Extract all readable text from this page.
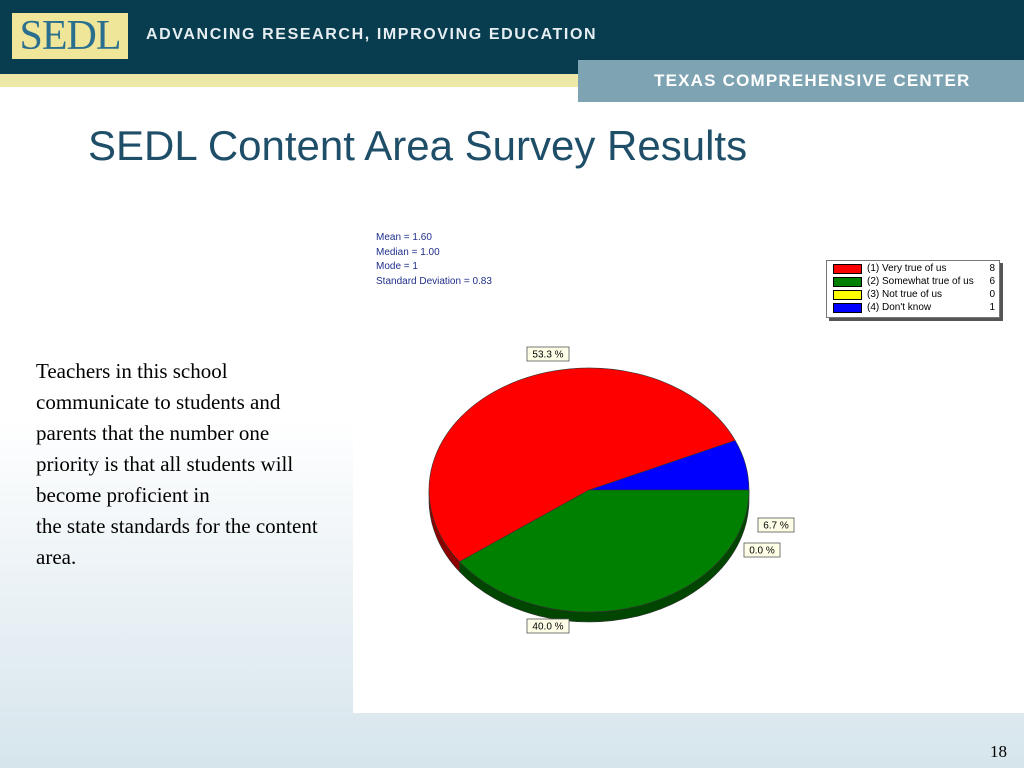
SEDL	ADVANCING RESEARCH, IMPROVING EDUCATION
TEXAS COMPREHENSIVE CENTER
SEDL Content Area Survey Results
Teachers in this school
communicate to students and
parents that the number one
priority is that all students will
become proficient in
the state standards for the content
area.
Mean = 1.60
Median = 1.00
Mode = 1
Standard Deviation = 0.83
(1) Very true of us	8
(2) Somewhat true of us 6
(3) Not true of us	0
(4) Don't know	1
53.3 %
40.0 %
0.0 %
6.7 %
18
